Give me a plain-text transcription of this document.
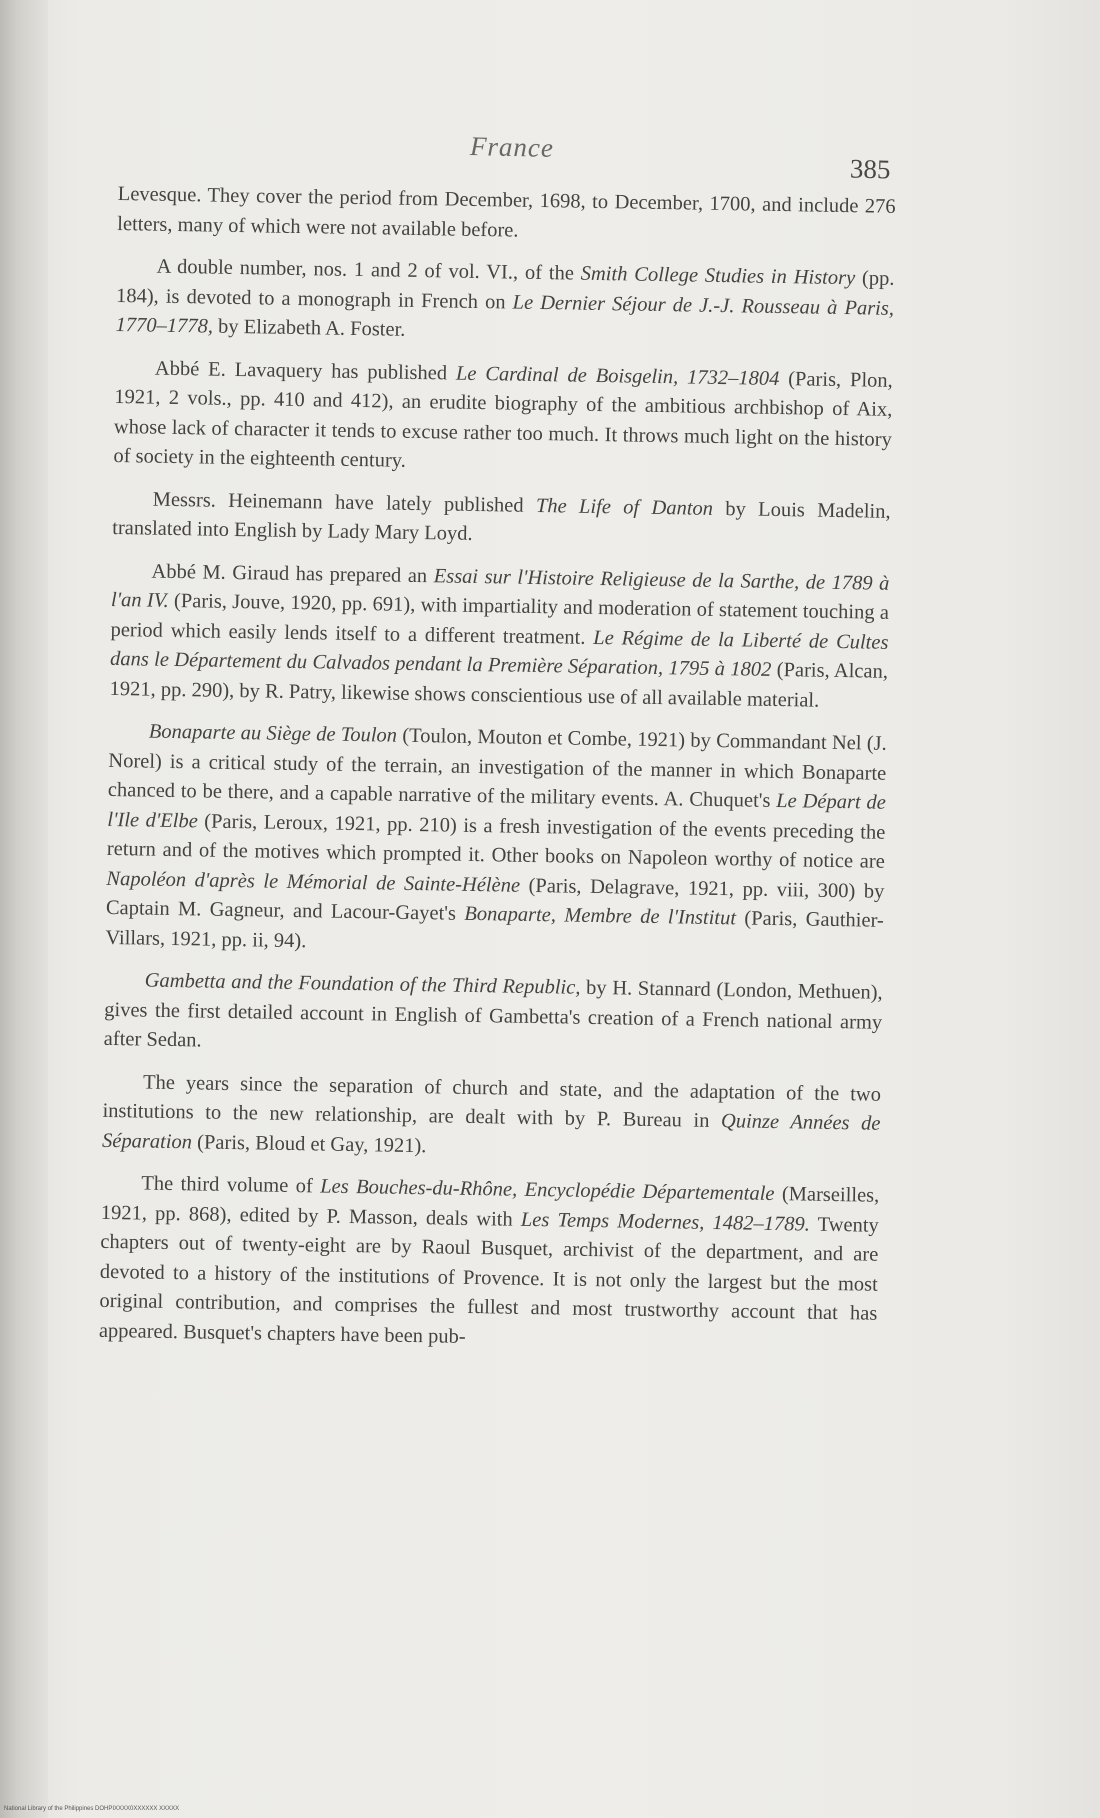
France
385

Levesque. They cover the period from December, 1698, to December, 1700, and include 276 letters, many of which were not available before.

A double number, nos. 1 and 2 of vol. VI., of the Smith College Studies in History (pp. 184), is devoted to a monograph in French on Le Dernier Séjour de J.-J. Rousseau à Paris, 1770–1778, by Elizabeth A. Foster.

Abbé E. Lavaquery has published Le Cardinal de Boisgelin, 1732–1804 (Paris, Plon, 1921, 2 vols., pp. 410 and 412), an erudite biography of the ambitious archbishop of Aix, whose lack of character it tends to excuse rather too much. It throws much light on the history of society in the eighteenth century.

Messrs. Heinemann have lately published The Life of Danton by Louis Madelin, translated into English by Lady Mary Loyd.

Abbé M. Giraud has prepared an Essai sur l'Histoire Religieuse de la Sarthe, de 1789 à l'an IV. (Paris, Jouve, 1920, pp. 691), with impartiality and moderation of statement touching a period which easily lends itself to a different treatment. Le Régime de la Liberté de Cultes dans le Département du Calvados pendant la Première Séparation, 1795 à 1802 (Paris, Alcan, 1921, pp. 290), by R. Patry, likewise shows conscientious use of all available material.

Bonaparte au Siège de Toulon (Toulon, Mouton et Combe, 1921) by Commandant Nel (J. Norel) is a critical study of the terrain, an investigation of the manner in which Bonaparte chanced to be there, and a capable narrative of the military events. A. Chuquet's Le Départ de l'Ile d'Elbe (Paris, Leroux, 1921, pp. 210) is a fresh investigation of the events preceding the return and of the motives which prompted it. Other books on Napoleon worthy of notice are Napoléon d'après le Mémorial de Sainte-Hélène (Paris, Delagrave, 1921, pp. viii, 300) by Captain M. Gagneur, and Lacour-Gayet's Bonaparte, Membre de l'Institut (Paris, Gauthier-Villars, 1921, pp. ii, 94).

Gambetta and the Foundation of the Third Republic, by H. Stannard (London, Methuen), gives the first detailed account in English of Gambetta's creation of a French national army after Sedan.

The years since the separation of church and state, and the adaptation of the two institutions to the new relationship, are dealt with by P. Bureau in Quinze Années de Séparation (Paris, Bloud et Gay, 1921).

The third volume of Les Bouches-du-Rhône, Encyclopédie Départementale (Marseilles, 1921, pp. 868), edited by P. Masson, deals with Les Temps Modernes, 1482–1789. Twenty chapters out of twenty-eight are by Raoul Busquet, archivist of the department, and are devoted to a history of the institutions of Provence. It is not only the largest but the most original contribution, and comprises the fullest and most trustworthy account that has appeared. Busquet's chapters have been pub-

National Library of the Philippines DOHPIXXXX0XXXXXX XXXXX
